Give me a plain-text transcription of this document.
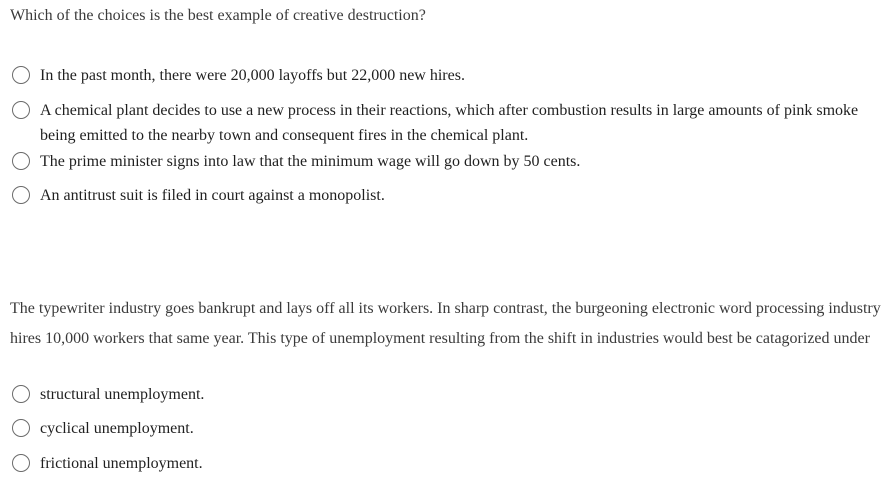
Which of the choices is the best example of creative destruction?
In the past month, there were 20,000 layoffs but 22,000 new hires.
A chemical plant decides to use a new process in their reactions, which after combustion results in large amounts of pink smoke being emitted to the nearby town and consequent fires in the chemical plant.
The prime minister signs into law that the minimum wage will go down by 50 cents.
An antitrust suit is filed in court against a monopolist.
The typewriter industry goes bankrupt and lays off all its workers. In sharp contrast, the burgeoning electronic word processing industry hires 10,000 workers that same year. This type of unemployment resulting from the shift in industries would best be catagorized under
structural unemployment.
cyclical unemployment.
frictional unemployment.
